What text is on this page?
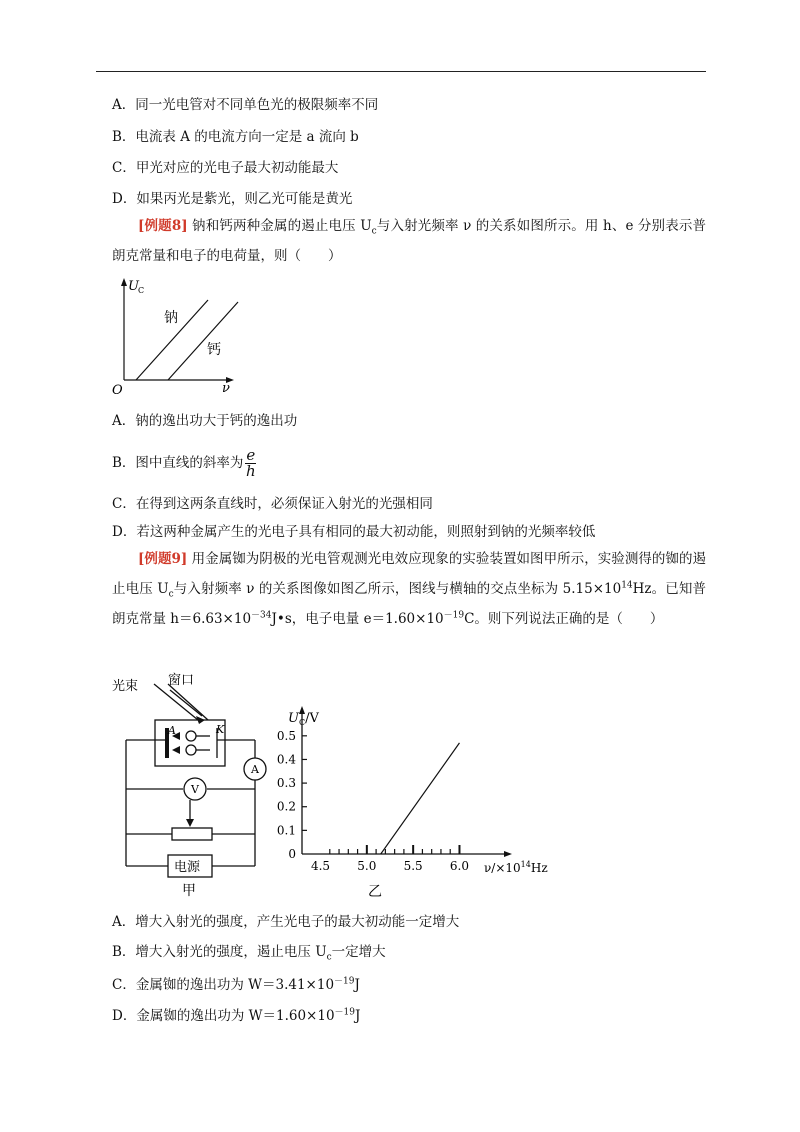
A．同一光电管对不同单色光的极限频率不同
B．电流表 A 的电流方向一定是 a 流向 b
C．甲光对应的光电子最大初动能最大
D．如果丙光是紫光，则乙光可能是黄光
[例题8] 钠和钙两种金属的遏止电压 $U_c$与入射光频率 ν 的关系如图所示。用 h、e 分别表示普朗克常量和电子的电荷量，则（　　）
U C
O	ν
钠
钙
A．钠的逸出功大于钙的逸出功
B．图中直线的斜率为 $\frac{e}{h}$
C．在得到这两条直线时，必须保证入射光的光强相同
D．若这两种金属产生的光电子具有相同的最大初动能，则照射到钠的光频率较低
[例题9] 用金属铷为阴极的光电管观测光电效应现象的实验装置如图甲所示，实验测得的铷的遏止电压 $U_c$与入射频率 ν 的关系图像如图乙所示，图线与横轴的交点坐标为 $5.15\times 10^{14}Hz$。已知普朗克常量 $h=6.63\times 10^{-34}J•s$，电子电量 $e=1.60\times 10^{-19}C$。则下列说法正确的是（　　）
光束 窗口
A	K
A
V
电源
甲
0
0.1
0.2
0.3
0.4
0.5
4.5 5.0 5.5 6.0
$U_C/V$
$\nu/\times 10^{14}Hz$
乙
A．增大入射光的强度，产生光电子的最大初动能一定增大
B．增大入射光的强度，遏止电压 $U_c$一定增大
C．金属铷的逸出功为 $W=3.41\times 10^{-19}J$
D．金属铷的逸出功为 $W=1.60\times 10^{-19}J$
